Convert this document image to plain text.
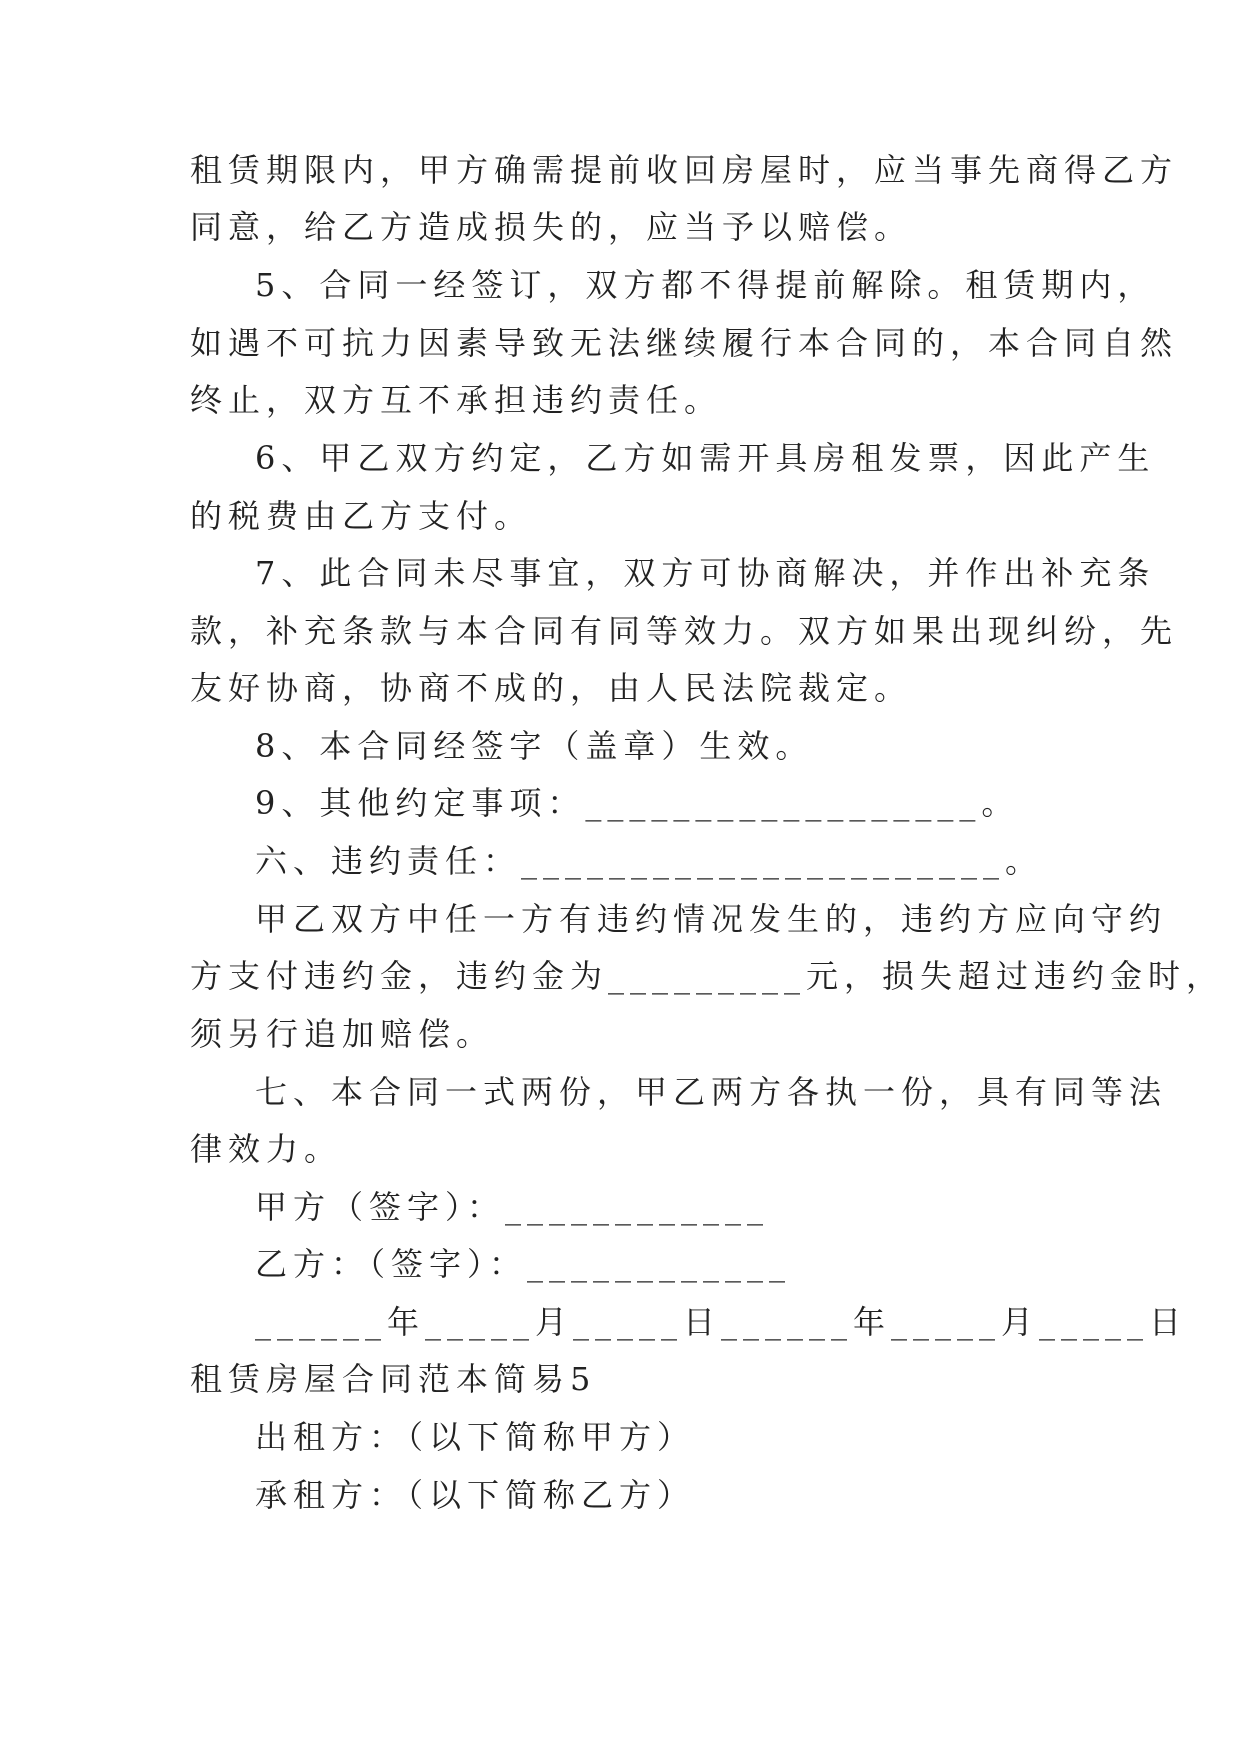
租赁期限内，甲方确需提前收回房屋时，应当事先商得乙方
同意，给乙方造成损失的，应当予以赔偿。
5、合同一经签订，双方都不得提前解除。租赁期内，
如遇不可抗力因素导致无法继续履行本合同的，本合同自然
终止，双方互不承担违约责任。
6、甲乙双方约定，乙方如需开具房租发票，因此产生
的税费由乙方支付。
7、此合同未尽事宜，双方可协商解决，并作出补充条
款，补充条款与本合同有同等效力。双方如果出现纠纷，先
友好协商，协商不成的，由人民法院裁定。
8、本合同经签字（盖章）生效。
9、其他约定事项：__________________。
六、违约责任：______________________。
甲乙双方中任一方有违约情况发生的，违约方应向守约
方支付违约金，违约金为_________元，损失超过违约金时，
须另行追加赔偿。
七、本合同一式两份，甲乙两方各执一份，具有同等法
律效力。
甲方（签字）：____________
乙方：（签字）：____________
______年_____月_____日______年_____月_____日
租赁房屋合同范本简易5
出租方：（以下简称甲方）
承租方：（以下简称乙方）
